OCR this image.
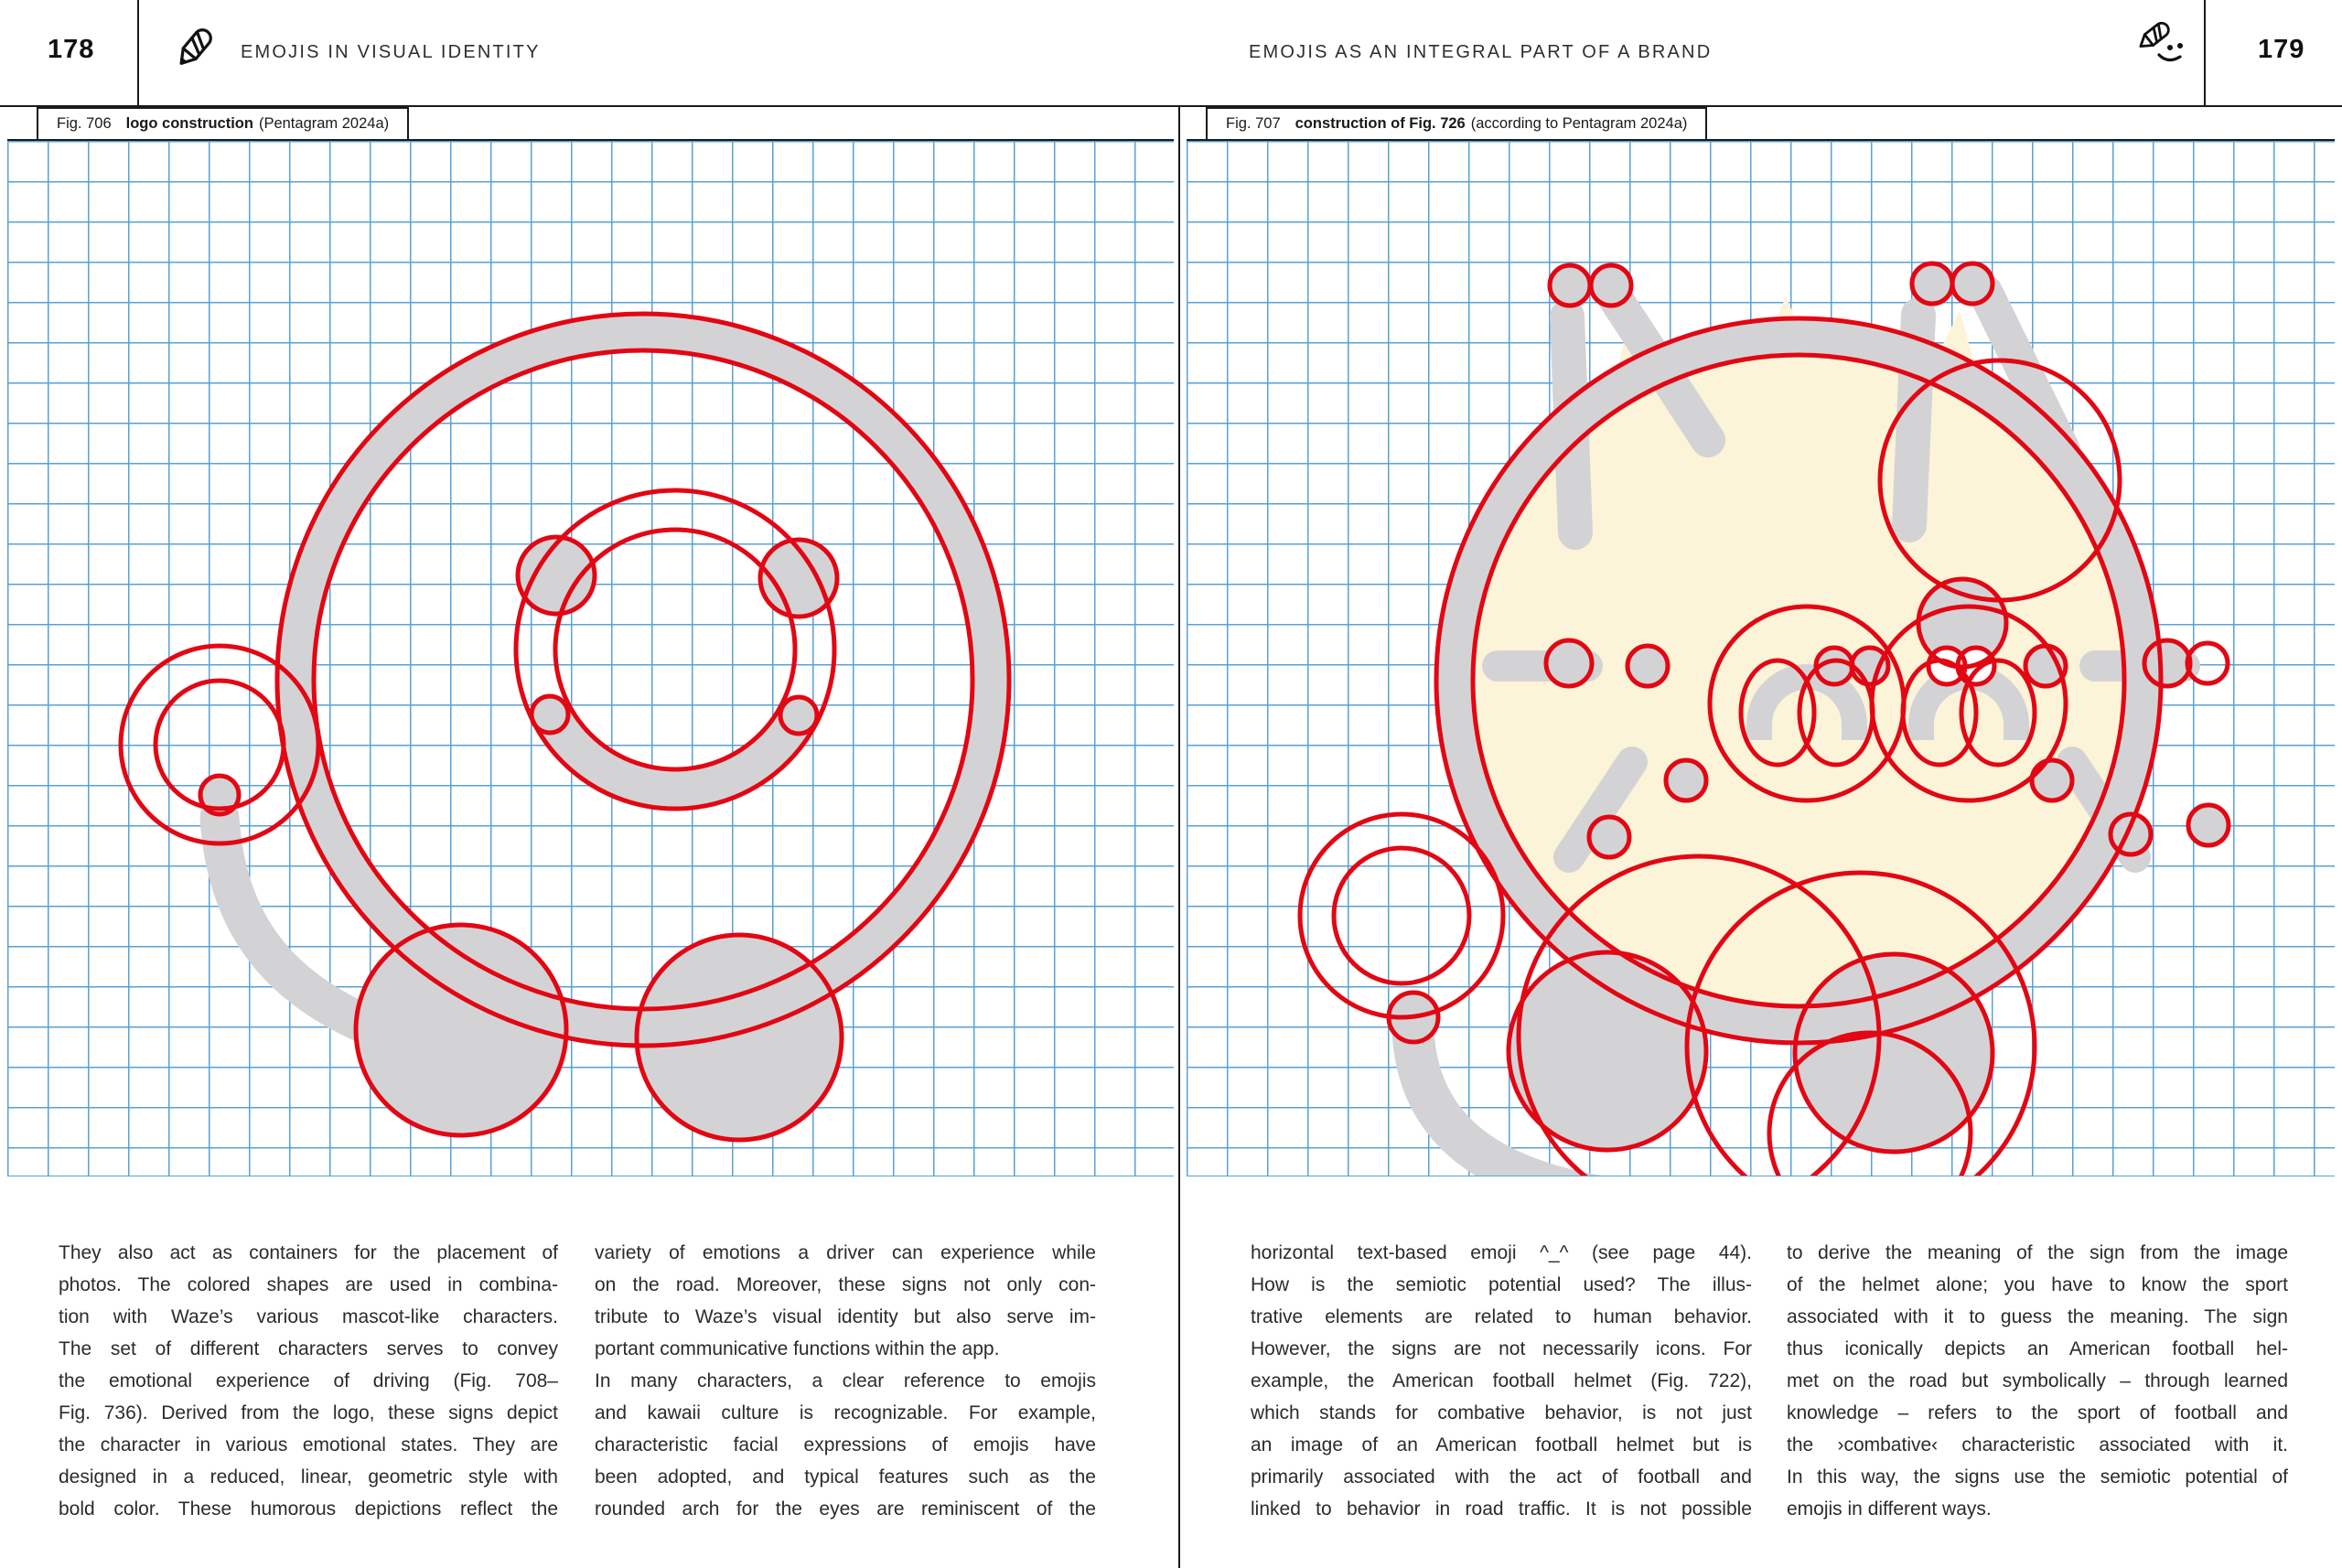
178	EMOJIS IN VISUAL IDENTITY	EMOJIS AS AN INTEGRAL PART OF A BRAND	179
Fig. 706 logo construction (Pentagram 2024a)	Fig. 707 construction of Fig. 726 (according to Pentagram 2024a)
They also act as containers for the placement of
photos. The colored shapes are used in combina-
tion with Waze’s various mascot-like characters.
The set of different characters serves to convey
the emotional experience of driving (Fig. 708–
Fig. 736). Derived from the logo, these signs depict
the character in various emotional states. They are
designed in a reduced, linear, geometric style with
bold color. These humorous depictions reflect the
variety of emotions a driver can experience while
on the road. Moreover, these signs not only con-
tribute to Waze’s visual identity but also serve im-
portant communicative functions within the app.
In many characters, a clear reference to emojis
and kawaii culture is recognizable. For example,
characteristic facial expressions of emojis have
been adopted, and typical features such as the
rounded arch for the eyes are reminiscent of the
horizontal text-based emoji ^_^ (see page 44).
How is the semiotic potential used? The illus-
trative elements are related to human behavior.
However, the signs are not necessarily icons. For
example, the American football helmet (Fig. 722),
which stands for combative behavior, is not just
an image of an American football helmet but is
primarily associated with the act of football and
linked to behavior in road traffic. It is not possible
to derive the meaning of the sign from the image
of the helmet alone; you have to know the sport
associated with it to guess the meaning. The sign
thus iconically depicts an American football hel-
met on the road but symbolically – through learned
knowledge – refers to the sport of football and
the ›combative‹ characteristic associated with it.
In this way, the signs use the semiotic potential of
emojis in different ways.
